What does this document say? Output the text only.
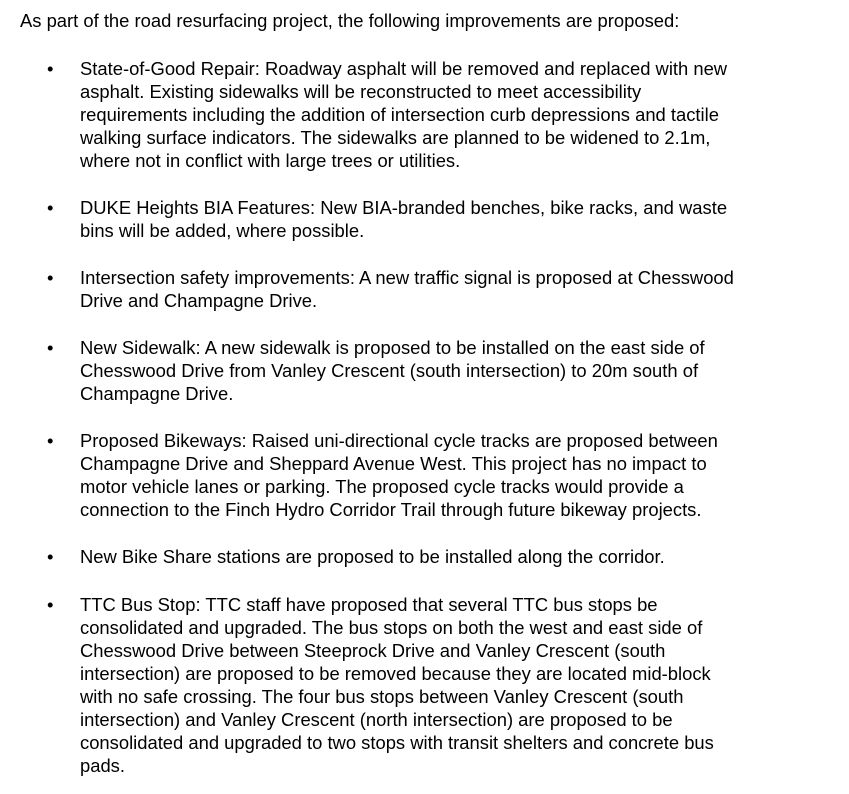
As part of the road resurfacing project, the following improvements are proposed:

• State-of-Good Repair: Roadway asphalt will be removed and replaced with new
asphalt. Existing sidewalks will be reconstructed to meet accessibility
requirements including the addition of intersection curb depressions and tactile
walking surface indicators. The sidewalks are planned to be widened to 2.1m,
where not in conflict with large trees or utilities.

• DUKE Heights BIA Features: New BIA-branded benches, bike racks, and waste
bins will be added, where possible.

• Intersection safety improvements: A new traffic signal is proposed at Chesswood
Drive and Champagne Drive.

• New Sidewalk: A new sidewalk is proposed to be installed on the east side of
Chesswood Drive from Vanley Crescent (south intersection) to 20m south of
Champagne Drive.

• Proposed Bikeways: Raised uni-directional cycle tracks are proposed between
Champagne Drive and Sheppard Avenue West. This project has no impact to
motor vehicle lanes or parking. The proposed cycle tracks would provide a
connection to the Finch Hydro Corridor Trail through future bikeway projects.

• New Bike Share stations are proposed to be installed along the corridor.

• TTC Bus Stop: TTC staff have proposed that several TTC bus stops be
consolidated and upgraded. The bus stops on both the west and east side of
Chesswood Drive between Steeprock Drive and Vanley Crescent (south
intersection) are proposed to be removed because they are located mid-block
with no safe crossing. The four bus stops between Vanley Crescent (south
intersection) and Vanley Crescent (north intersection) are proposed to be
consolidated and upgraded to two stops with transit shelters and concrete bus
pads.
